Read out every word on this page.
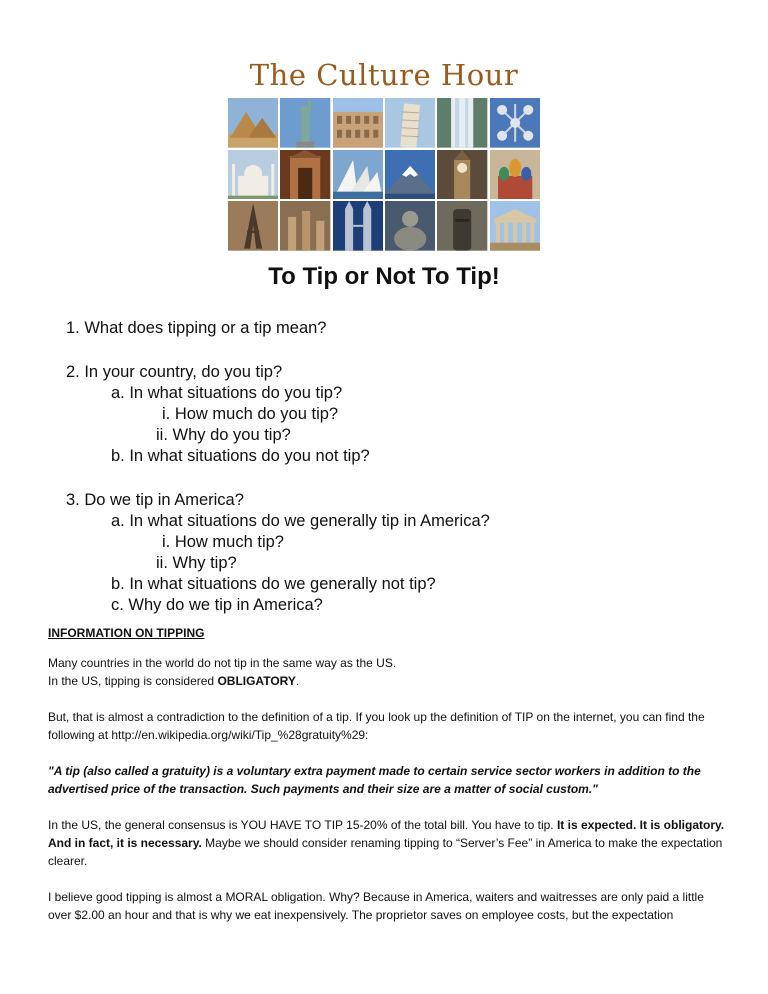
The Culture Hour
To Tip or Not To Tip!
1. What does tipping or a tip mean?
2. In your country, do you tip?
a. In what situations do you tip?
i. How much do you tip?
ii. Why do you tip?
b. In what situations do you not tip?
3. Do we tip in America?
a. In what situations do we generally tip in America?
i. How much tip?
ii. Why tip?
b. In what situations do we generally not tip?
c. Why do we tip in America?
INFORMATION ON TIPPING
Many countries in the world do not tip in the same way as the US.
In the US, tipping is considered OBLIGATORY.
But, that is almost a contradiction to the definition of a tip. If you look up the definition of TIP on the internet, you can find the following at http://en.wikipedia.org/wiki/Tip_%28gratuity%29:
"A tip (also called a gratuity) is a voluntary extra payment made to certain service sector workers in addition to the advertised price of the transaction. Such payments and their size are a matter of social custom."
In the US, the general consensus is YOU HAVE TO TIP 15-20% of the total bill. You have to tip. It is expected. It is obligatory. And in fact, it is necessary. Maybe we should consider renaming tipping to “Server’s Fee” in America to make the expectation clearer.
I believe good tipping is almost a MORAL obligation. Why? Because in America, waiters and waitresses are only paid a little over $2.00 an hour and that is why we eat inexpensively. The proprietor saves on employee costs, but the expectation
